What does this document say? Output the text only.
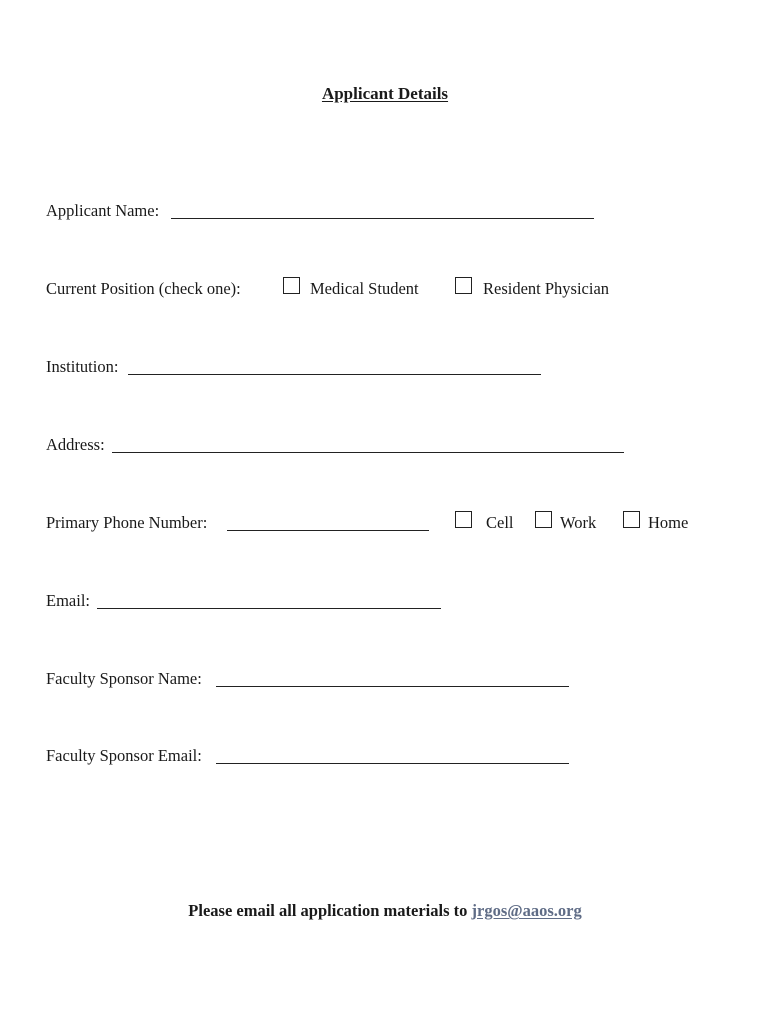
Applicant Details
Applicant Name:
Current Position (check one):	Medical Student	Resident Physician
Institution:
Address:
Primary Phone Number:	Cell	Work	Home
Email:
Faculty Sponsor Name:
Faculty Sponsor Email:
Please email all application materials to jrgos@aaos.org
